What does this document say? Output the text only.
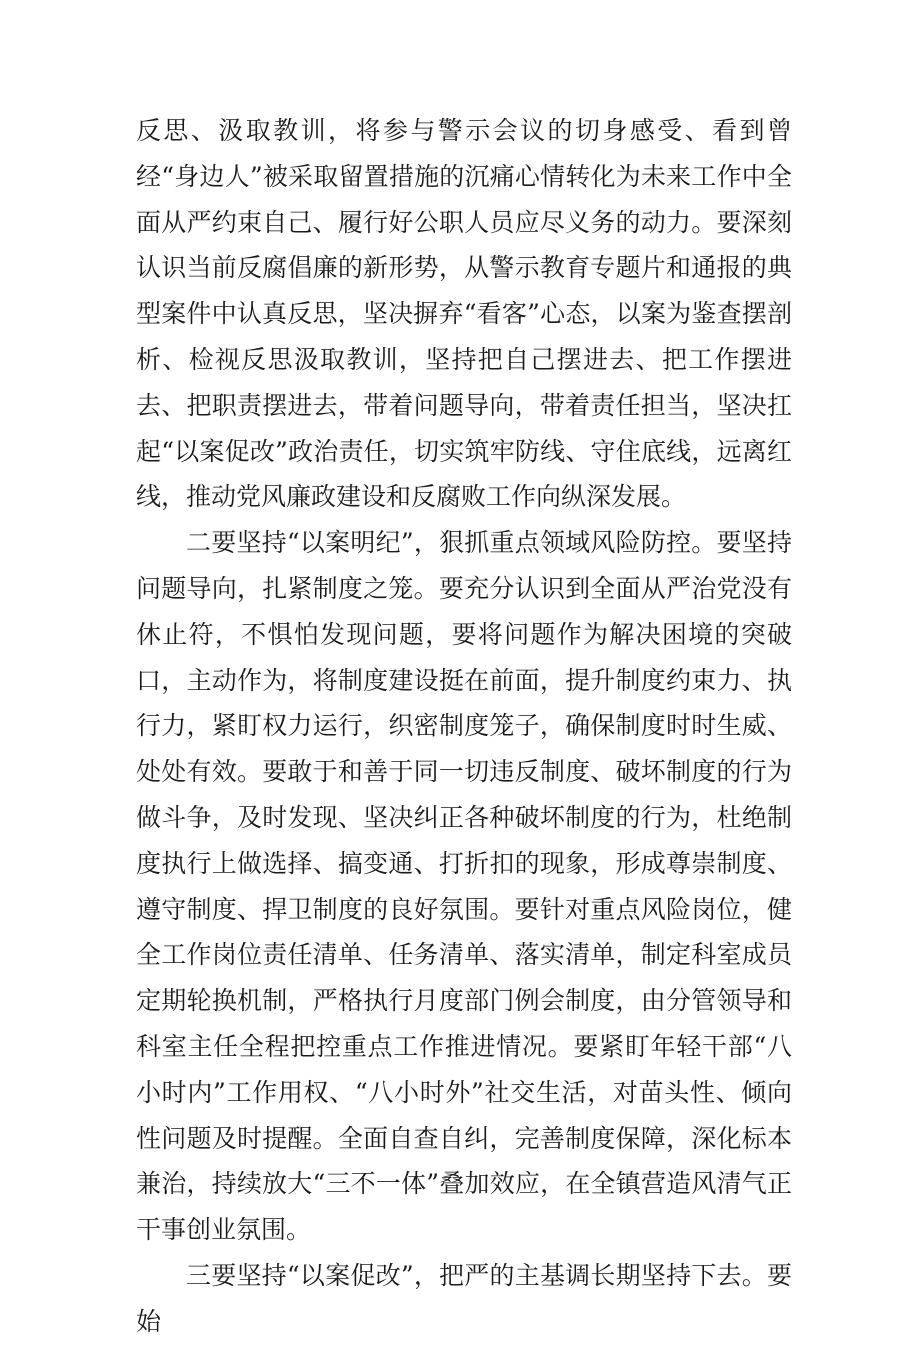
反思、汲取教训，将参与警示会议的切身感受、看到曾经“身边人”被采取留置措施的沉痛心情转化为未来工作中全面从严约束自己、履行好公职人员应尽义务的动力。要深刻认识当前反腐倡廉的新形势，从警示教育专题片和通报的典型案件中认真反思，坚决摒弃“看客”心态，以案为鉴查摆剖析、检视反思汲取教训，坚持把自己摆进去、把工作摆进去、把职责摆进去，带着问题导向，带着责任担当，坚决扛起“以案促改”政治责任，切实筑牢防线、守住底线，远离红线，推动党风廉政建设和反腐败工作向纵深发展。

二要坚持“以案明纪”，狠抓重点领域风险防控。要坚持问题导向，扎紧制度之笼。要充分认识到全面从严治党没有休止符，不惧怕发现问题，要将问题作为解决困境的突破口，主动作为，将制度建设挺在前面，提升制度约束力、执行力，紧盯权力运行，织密制度笼子，确保制度时时生威、处处有效。要敢于和善于同一切违反制度、破坏制度的行为做斗争，及时发现、坚决纠正各种破坏制度的行为，杜绝制度执行上做选择、搞变通、打折扣的现象，形成尊崇制度、遵守制度、捍卫制度的良好氛围。要针对重点风险岗位，健全工作岗位责任清单、任务清单、落实清单，制定科室成员定期轮换机制，严格执行月度部门例会制度，由分管领导和科室主任全程把控重点工作推进情况。要紧盯年轻干部“八小时内”工作用权、“八小时外”社交生活，对苗头性、倾向性问题及时提醒。全面自查自纠，完善制度保障，深化标本兼治，持续放大“三不一体”叠加效应，在全镇营造风清气正干事创业氛围。

三要坚持“以案促改”，把严的主基调长期坚持下去。要始
